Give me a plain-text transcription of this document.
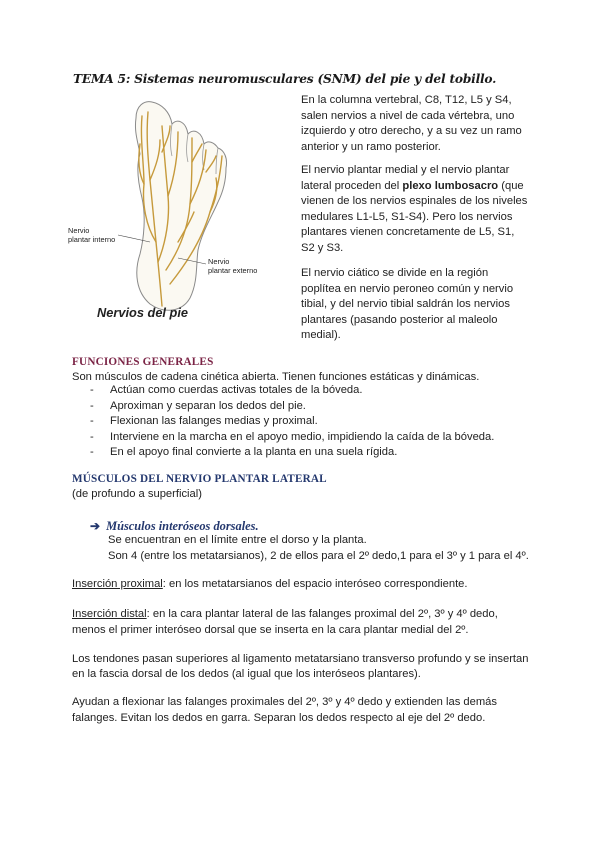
TEMA 5: Sistemas neuromusculares (SNM) del pie y del tobillo.
Nervio
plantar interno
Nervio
plantar externo
Nervios del pie

En la columna vertebral, C8, T12, L5 y S4, salen nervios a nivel de cada vértebra, uno izquierdo y otro derecho, y a su vez un ramo anterior y un ramo posterior.

El nervio plantar medial y el nervio plantar lateral proceden del plexo lumbosacro (que vienen de los nervios espinales de los niveles medulares L1-L5, S1-S4). Pero los nervios plantares vienen concretamente de L5, S1, S2 y S3.

El nervio ciático se divide en la región poplítea en nervio peroneo común y nervio tibial, y del nervio tibial saldrán los nervios plantares (pasando posterior al maleolo medial).

FUNCIONES GENERALES
Son músculos de cadena cinética abierta. Tienen funciones estáticas y dinámicas.
- Actúan como cuerdas activas totales de la bóveda.
- Aproximan y separan los dedos del pie.
- Flexionan las falanges medias y proximal.
- Interviene en la marcha en el apoyo medio, impidiendo la caída de la bóveda.
- En el apoyo final convierte a la planta en una suela rígida.
MÚSCULOS DEL NERVIO PLANTAR LATERAL
(de profundo a superficial)
➔ Músculos interóseos dorsales.
Se encuentran en el límite entre el dorso y la planta.
Son 4 (entre los metatarsianos), 2 de ellos para el 2º dedo,1 para el 3º y 1 para el 4º.
Inserción proximal: en los metatarsianos del espacio interóseo correspondiente.
Inserción distal: en la cara plantar lateral de las falanges proximal del 2º, 3º y 4º dedo,
menos el primer interóseo dorsal que se inserta en la cara plantar medial del 2º.
Los tendones pasan superiores al ligamento metatarsiano transverso profundo y se insertan
en la fascia dorsal de los dedos (al igual que los interóseos plantares).
Ayudan a flexionar las falanges proximales del 2º, 3º y 4º dedo y extienden las demás
falanges. Evitan los dedos en garra. Separan los dedos respecto al eje del 2º dedo.
